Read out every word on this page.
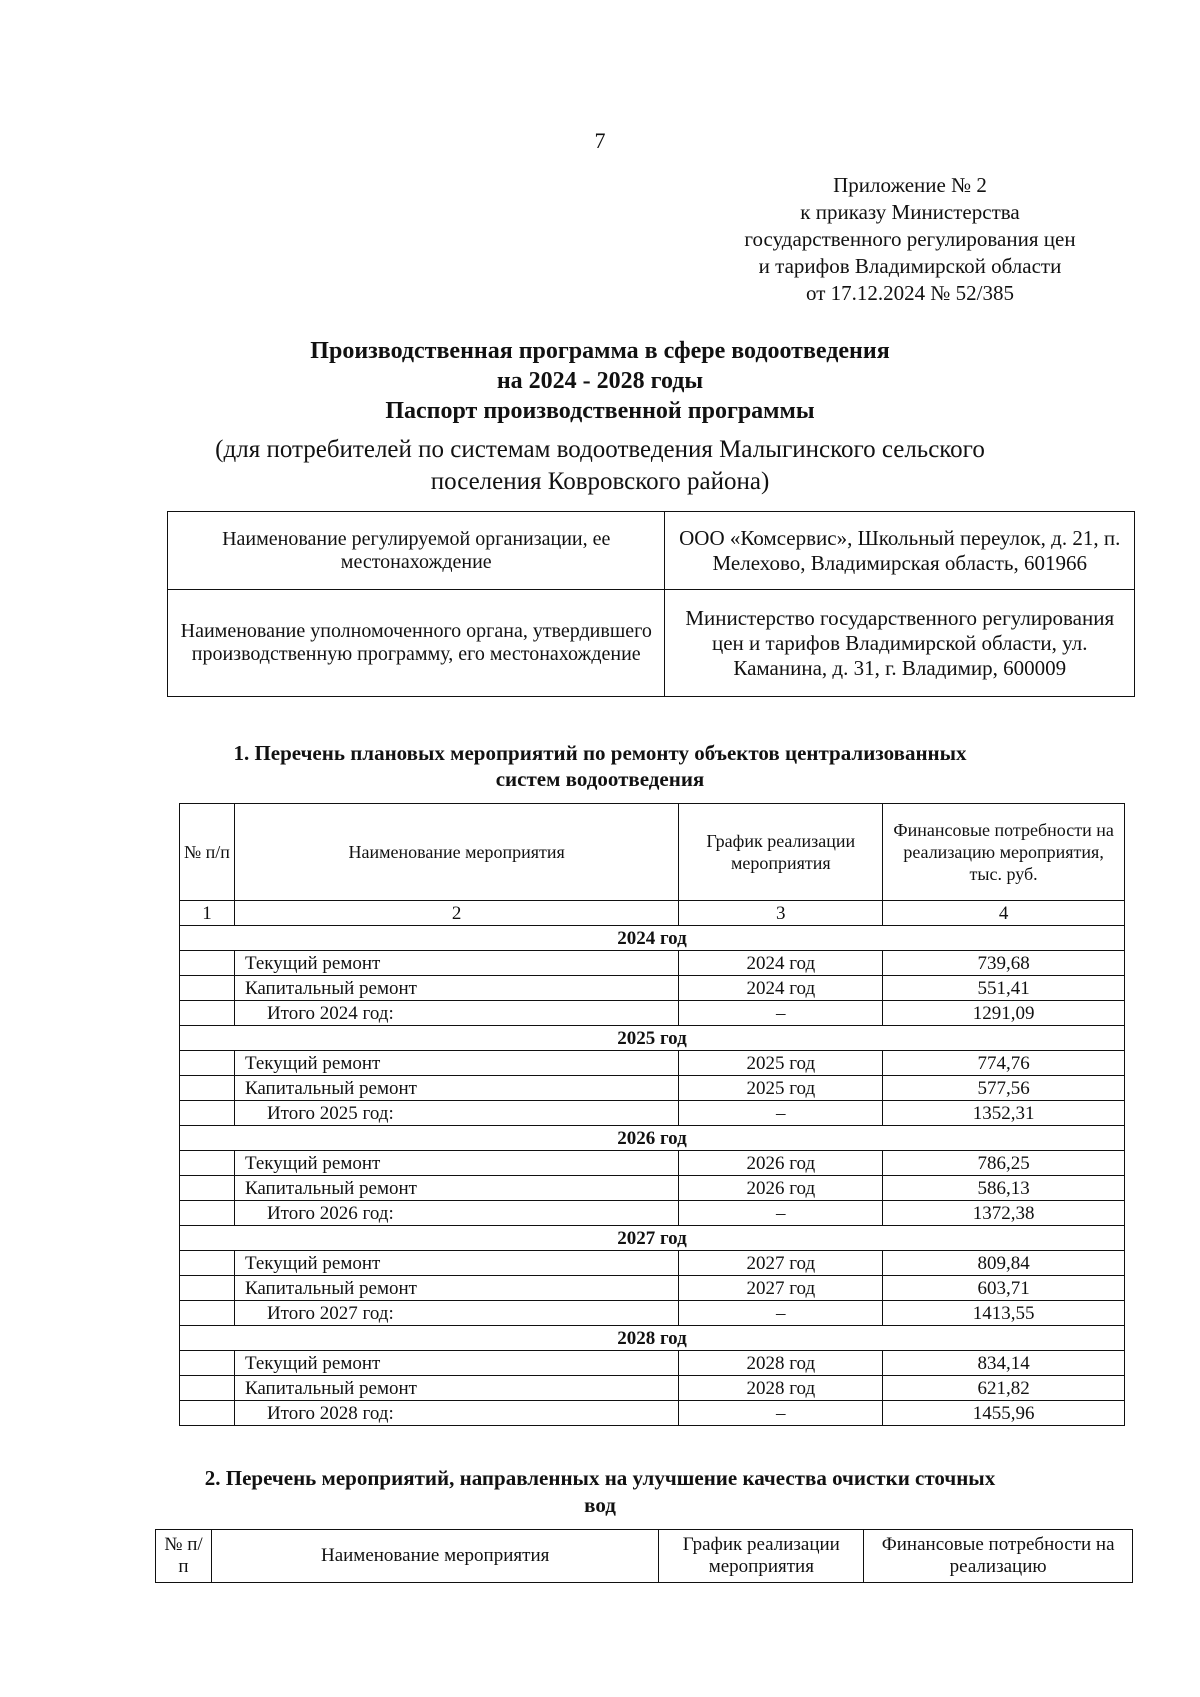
7
Приложение № 2
к приказу Министерства
государственного регулирования цен
и тарифов Владимирской области
от 17.12.2024 № 52/385
Производственная программа в сфере водоотведения
на 2024 - 2028 годы
Паспорт производственной программы
(для потребителей по системам водоотведения Малыгинского сельского
поселения Ковровского района)
Наименование регулируемой организации, ее местонахождение	ООО «Комсервис», Школьный переулок, д. 21, п. Мелехово, Владимирская область, 601966
Наименование уполномоченного органа, утвердившего производственную программу, его местонахождение	Министерство государственного регулирования цен и тарифов Владимирской области, ул. Каманина, д. 31, г. Владимир, 600009
1. Перечень плановых мероприятий по ремонту объектов централизованных
систем водоотведения
№ п/п	Наименование мероприятия	График реализации мероприятия	Финансовые потребности на реализацию мероприятия, тыс. руб.
1	2	3	4
2024 год			
	Текущий ремонт	2024 год	739,68
	Капитальный ремонт	2024 год	551,41
	Итого 2024 год:	–	1291,09
2025 год			
	Текущий ремонт	2025 год	774,76
	Капитальный ремонт	2025 год	577,56
	Итого 2025 год:	–	1352,31
2026 год			
	Текущий ремонт	2026 год	786,25
	Капитальный ремонт	2026 год	586,13
	Итого 2026 год:	–	1372,38
2027 год			
	Текущий ремонт	2027 год	809,84
	Капитальный ремонт	2027 год	603,71
	Итого 2027 год:	–	1413,55
2028 год			
	Текущий ремонт	2028 год	834,14
	Капитальный ремонт	2028 год	621,82
	Итого 2028 год:	–	1455,96
2. Перечень мероприятий, направленных на улучшение качества очистки сточных
вод
№ п/п	Наименование мероприятия	График реализации мероприятия	Финансовые потребности на реализацию
